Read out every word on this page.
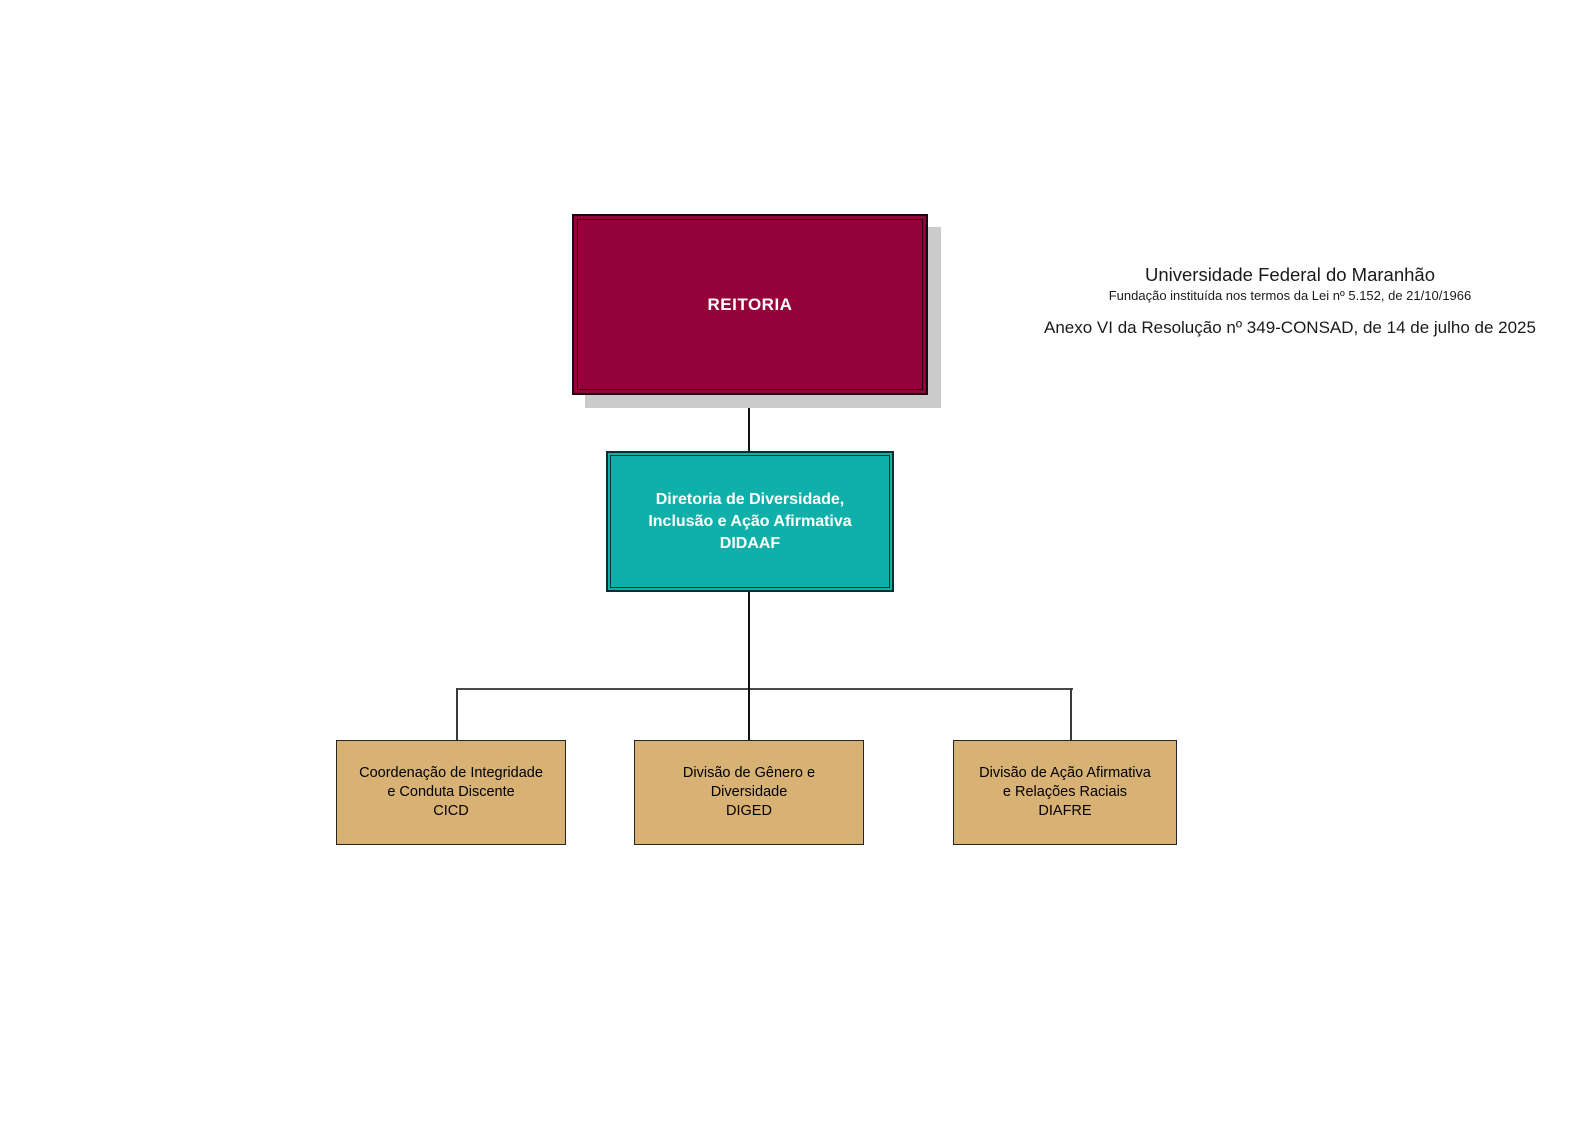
Universidade Federal do Maranhão
Fundação instituída nos termos da Lei nº 5.152, de 21/10/1966
Anexo VI da Resolução nº 349-CONSAD, de 14 de julho de 2025
REITORIA
Diretoria de Diversidade,
Inclusão e Ação Afirmativa
DIDAAF
Coordenação de Integridade
e Conduta Discente
CICD
Divisão de Gênero e
Diversidade
DIGED
Divisão de Ação Afirmativa
e Relações Raciais
DIAFRE
